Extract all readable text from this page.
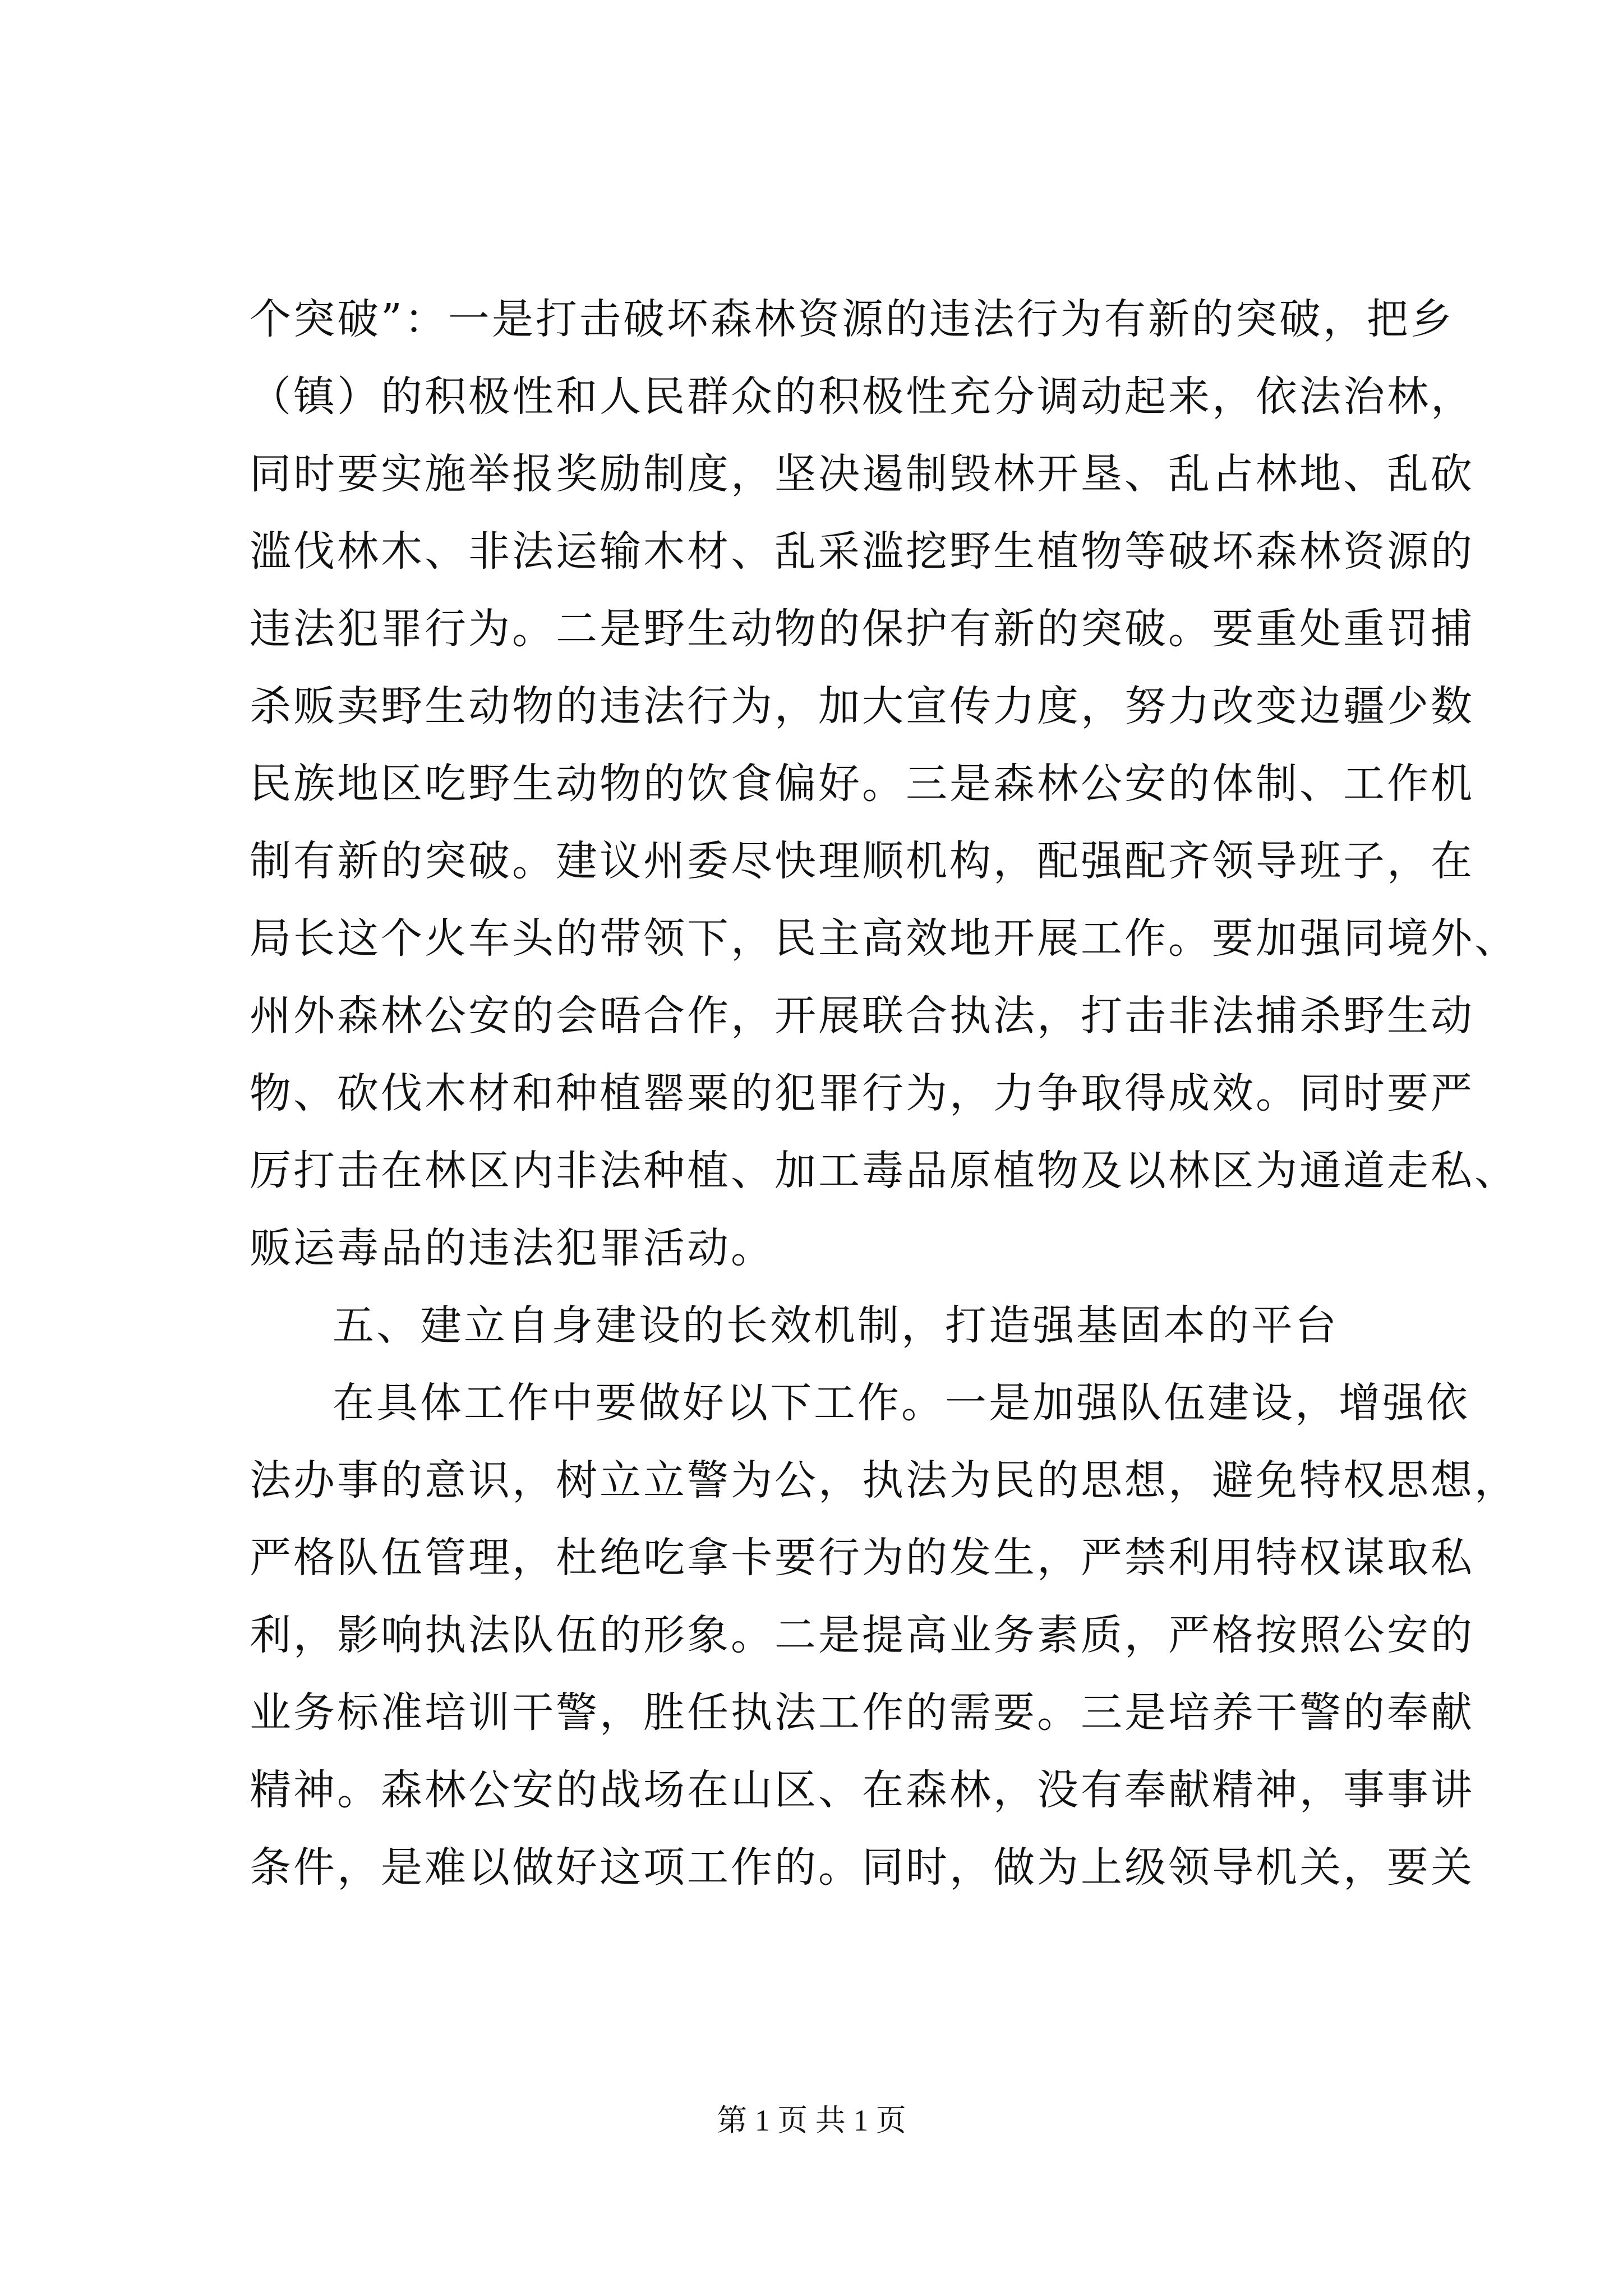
个突破”：一是打击破坏森林资源的违法行为有新的突破，把乡
（镇）的积极性和人民群众的积极性充分调动起来，依法治林，
同时要实施举报奖励制度，坚决遏制毁林开垦、乱占林地、乱砍
滥伐林木、非法运输木材、乱采滥挖野生植物等破坏森林资源的
违法犯罪行为。二是野生动物的保护有新的突破。要重处重罚捕
杀贩卖野生动物的违法行为，加大宣传力度，努力改变边疆少数
民族地区吃野生动物的饮食偏好。三是森林公安的体制、工作机
制有新的突破。建议州委尽快理顺机构，配强配齐领导班子，在
局长这个火车头的带领下，民主高效地开展工作。要加强同境外、
州外森林公安的会晤合作，开展联合执法，打击非法捕杀野生动
物、砍伐木材和种植罂粟的犯罪行为，力争取得成效。同时要严
厉打击在林区内非法种植、加工毒品原植物及以林区为通道走私、
贩运毒品的违法犯罪活动。
五、建立自身建设的长效机制，打造强基固本的平台
在具体工作中要做好以下工作。一是加强队伍建设，增强依
法办事的意识，树立立警为公，执法为民的思想，避免特权思想，
严格队伍管理，杜绝吃拿卡要行为的发生，严禁利用特权谋取私
利，影响执法队伍的形象。二是提高业务素质，严格按照公安的
业务标准培训干警，胜任执法工作的需要。三是培养干警的奉献
精神。森林公安的战场在山区、在森林，没有奉献精神，事事讲
条件，是难以做好这项工作的。同时，做为上级领导机关，要关
第 1 页 共 1 页
